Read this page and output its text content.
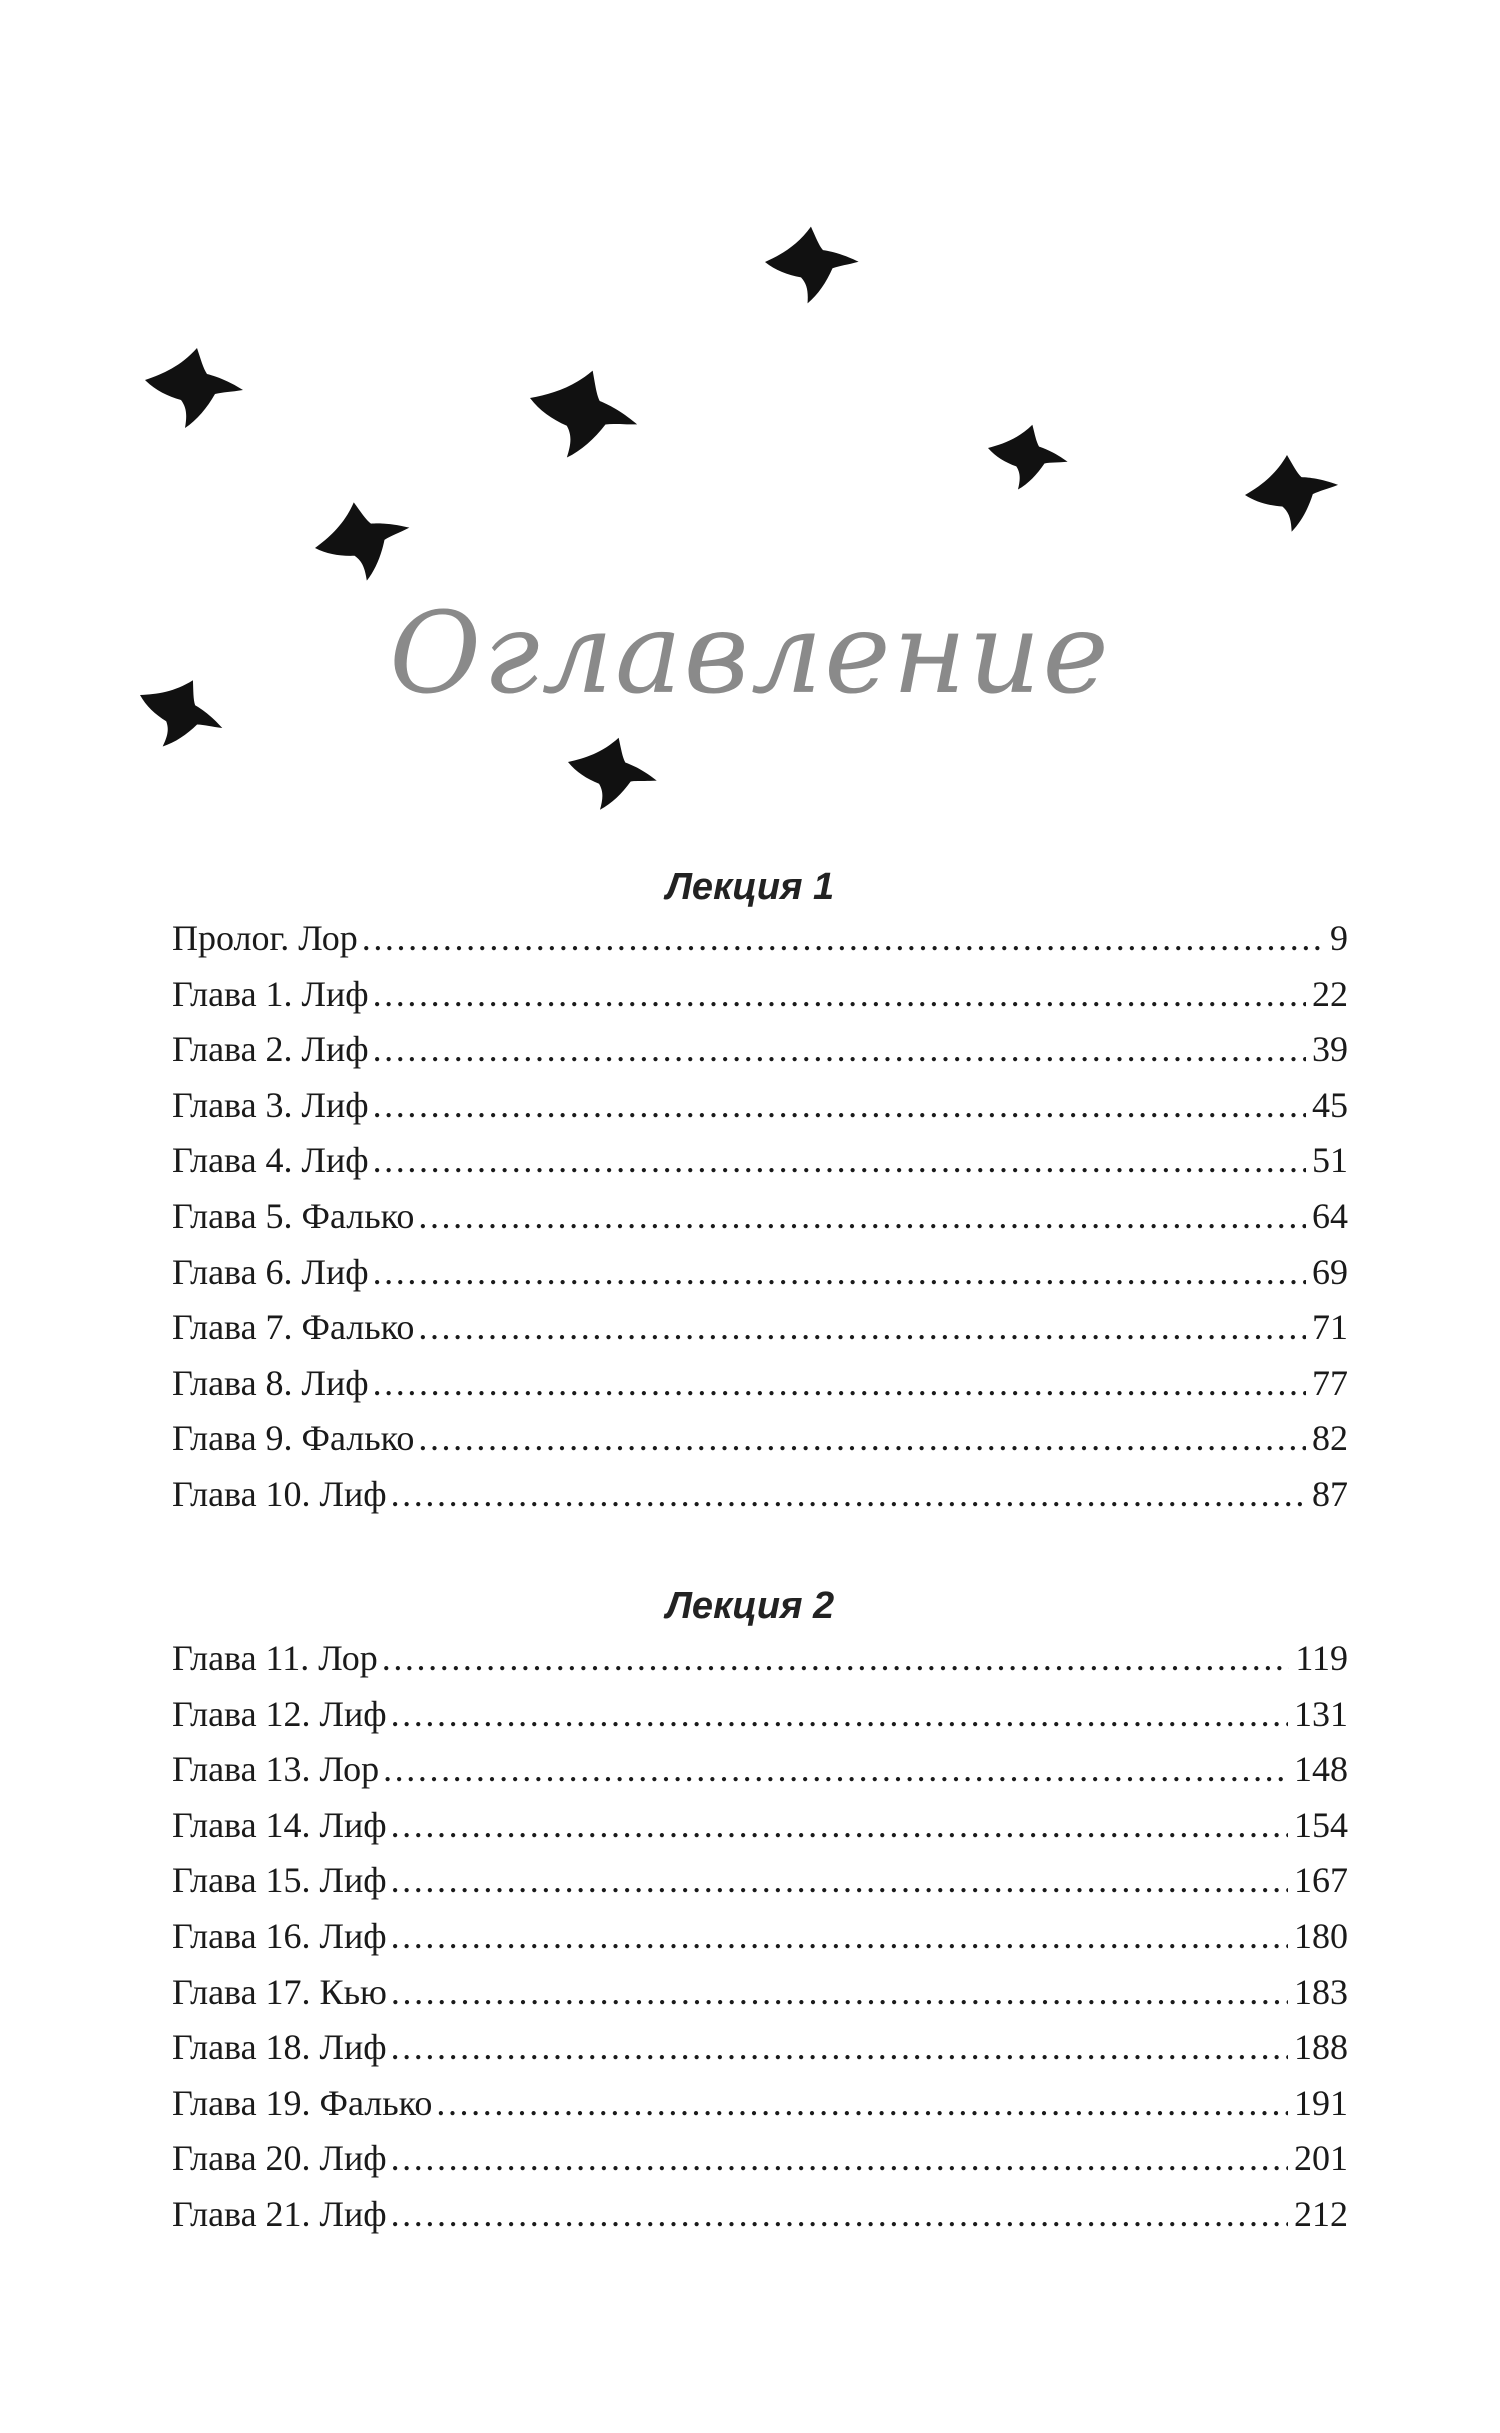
Оглавление
Лекция 1
Пролог. Лор . . .	9
Глава 1. Лиф . . .	22
Глава 2. Лиф . . .	39
Глава 3. Лиф . . .	45
Глава 4. Лиф . . .	51
Глава 5. Фалько . . .	64
Глава 6. Лиф . . .	69
Глава 7. Фалько . . .	71
Глава 8. Лиф . . .	77
Глава 9. Фалько . . .	82
Глава 10. Лиф . . .	87
Лекция 2
Глава 11. Лор . . .	119
Глава 12. Лиф . . .	131
Глава 13. Лор . . .	148
Глава 14. Лиф . . .	154
Глава 15. Лиф . . .	167
Глава 16. Лиф . . .	180
Глава 17. Кью . . .	183
Глава 18. Лиф . . .	188
Глава 19. Фалько . . .	191
Глава 20. Лиф . . .	201
Глава 21. Лиф . . .	212
